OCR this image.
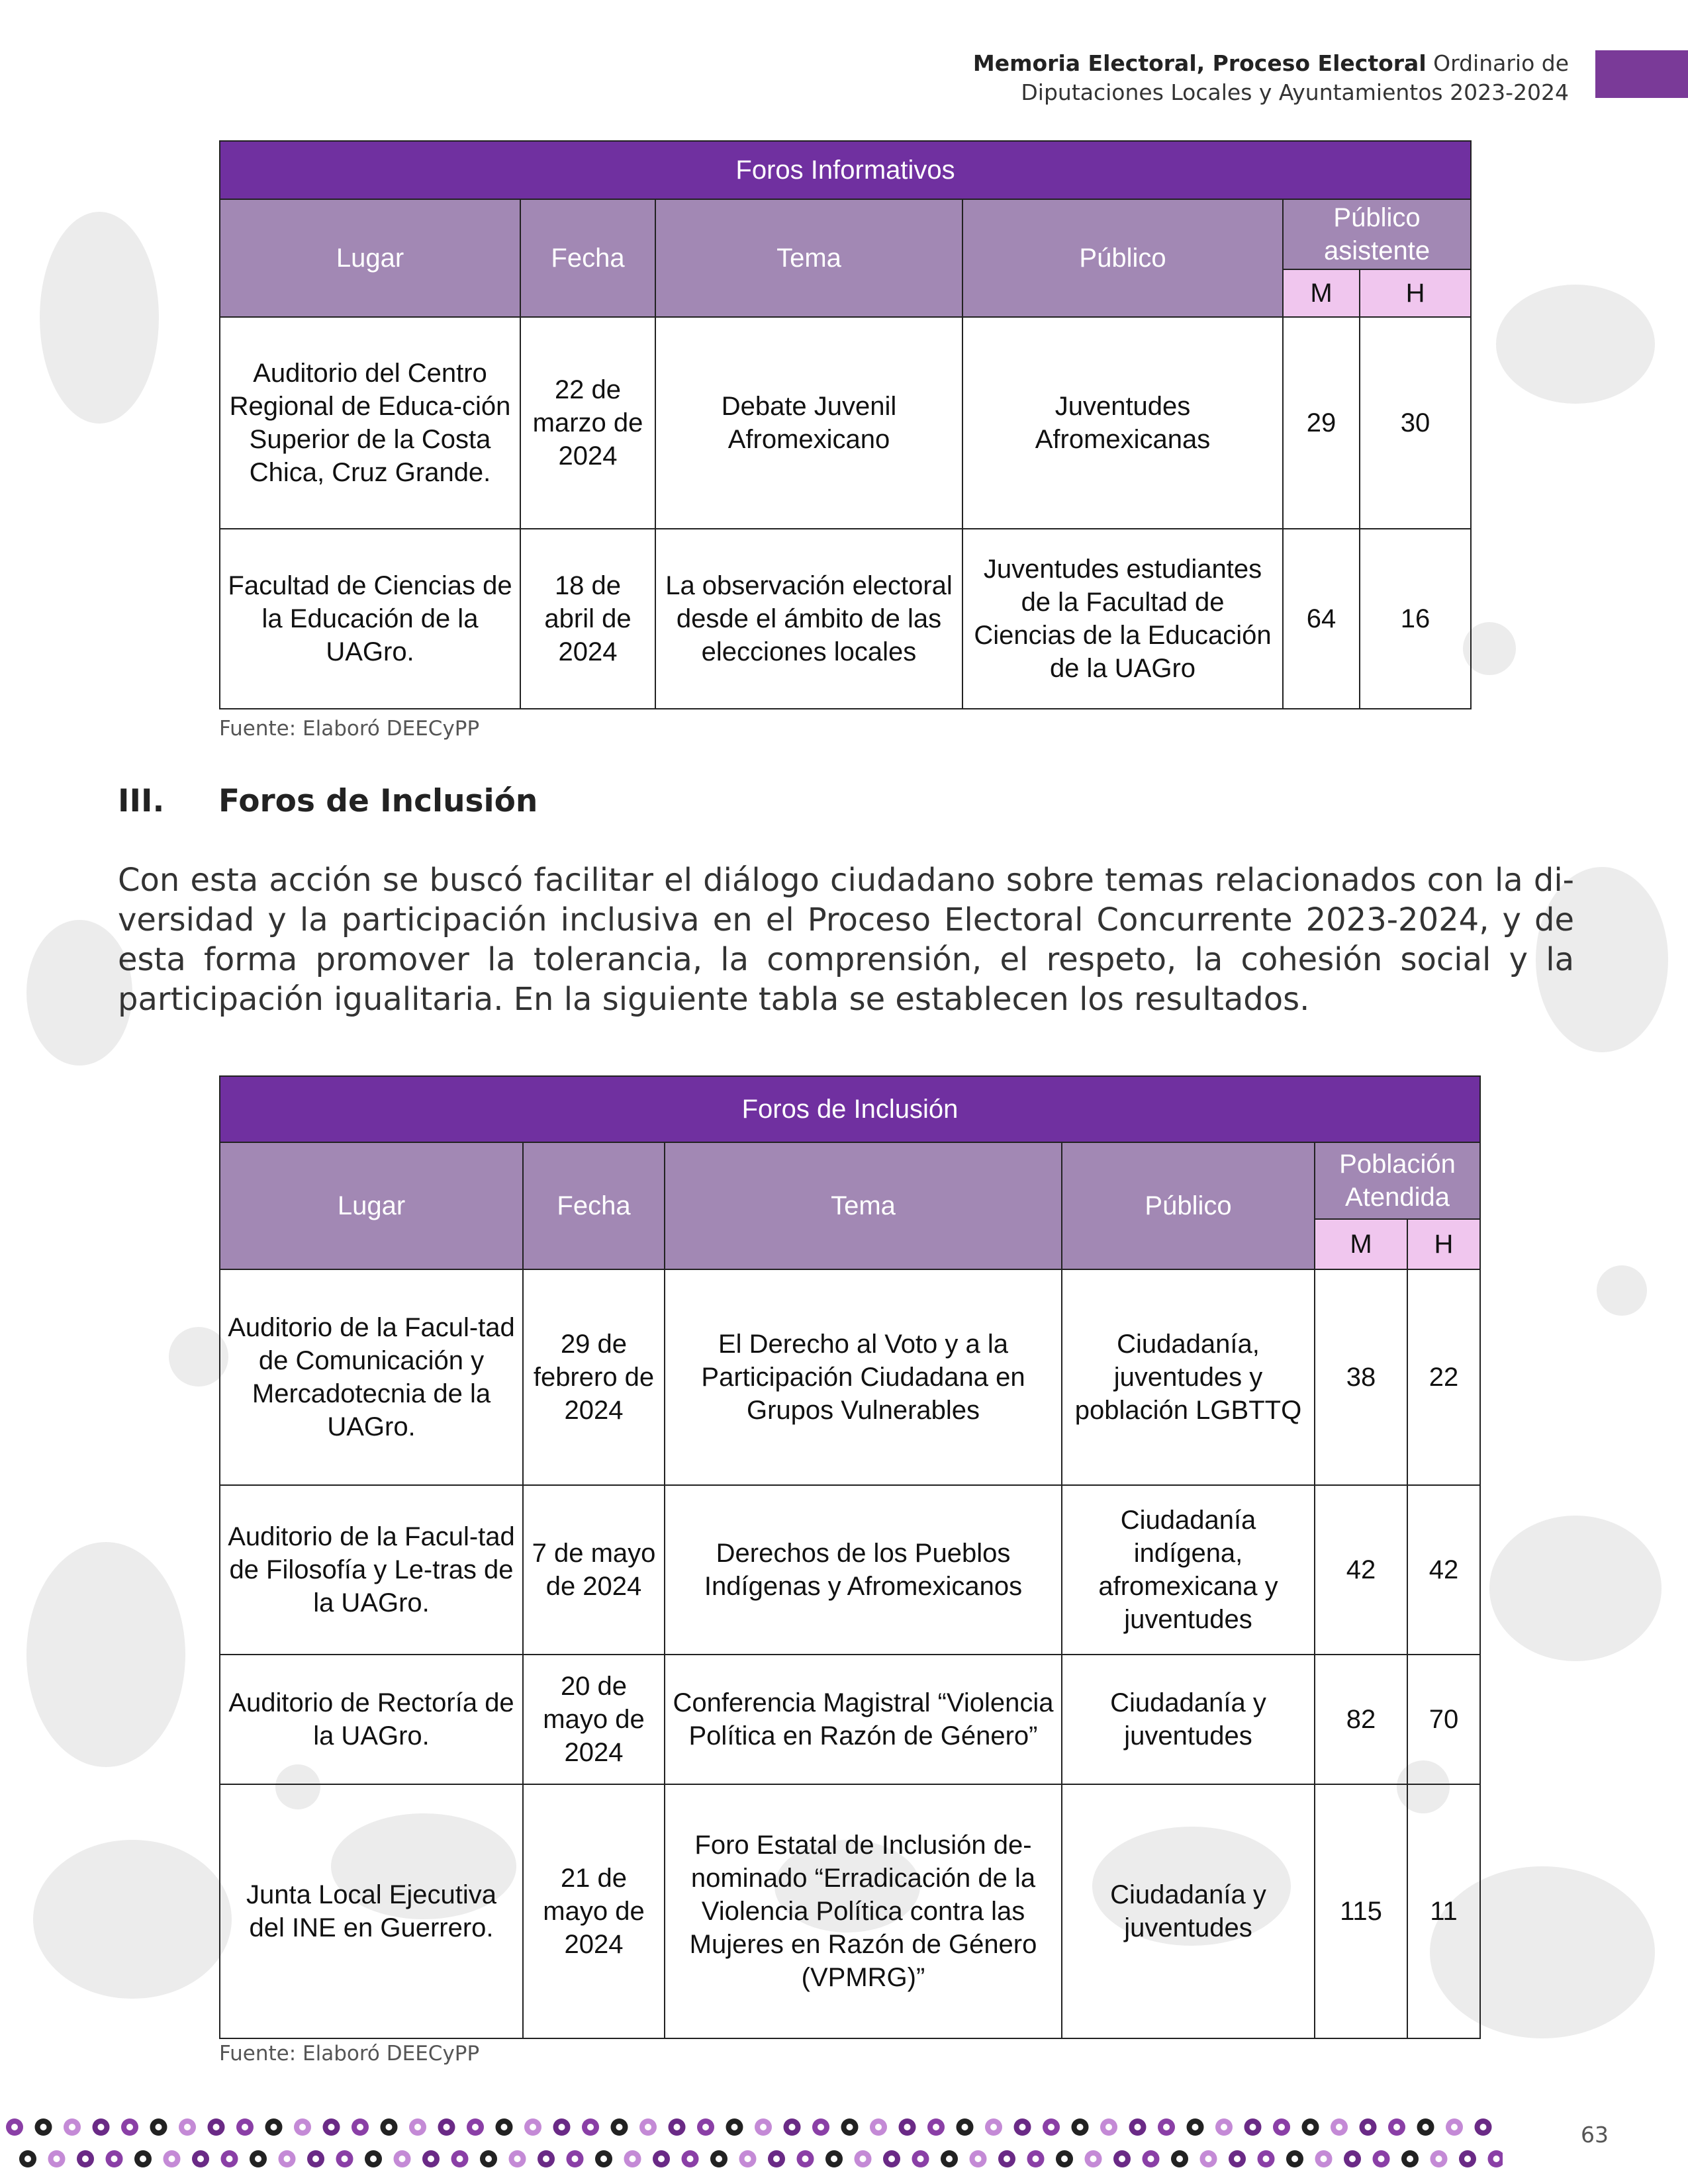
Memoria Electoral, Proceso Electoral Ordinario de
Diputaciones Locales y Ayuntamientos 2023-2024
Foros Informativos					
Lugar	Fecha	Tema	Público	Público asistente	
				M	H
Auditorio del Centro Regional de Educa-ción Superior de la Costa Chica, Cruz Grande.	22 de marzo de 2024	Debate Juvenil Afromexicano	Juventudes Afromexicanas	29	30
Facultad de Ciencias de la Educación de la UAGro.	18 de abril de 2024	La observación electoral desde el ámbito de las elecciones locales	Juventudes estudiantes de la Facultad de Ciencias de la Educación de la UAGro	64	16
Fuente: Elaboró DEECyPP
III. Foros de Inclusión
Con esta acción se buscó facilitar el diálogo ciudadano sobre temas relacionados con la di-versidad y la participación inclusiva en el Proceso Electoral Concurrente 2023-2024, y de esta forma promover la tolerancia, la comprensión, el respeto, la cohesión social y la participación igualitaria. En la siguiente tabla se establecen los resultados.
Foros de Inclusión					
Lugar	Fecha	Tema	Público	Población Atendida	
				M	H
Auditorio de la Facul-tad de Comunicación y Mercadotecnia de la UAGro.	29 de febrero de 2024	El Derecho al Voto y a la Participación Ciudadana en Grupos Vulnerables	Ciudadanía, juventudes y población LGBTTQ	38	22
Auditorio de la Facul-tad de Filosofía y Le-tras de la UAGro.	7 de mayo de 2024	Derechos de los Pueblos Indígenas y Afromexicanos	Ciudadanía indígena, afromexicana y juventudes	42	42
Auditorio de Rectoría de la UAGro.	20 de mayo de 2024	Conferencia Magistral “Violencia Política en Razón de Género”	Ciudadanía y juventudes	82	70
Junta Local Ejecutiva del INE en Guerrero.	21 de mayo de 2024	Foro Estatal de Inclusión de-nominado “Erradicación de la Violencia Política contra las Mujeres en Razón de Género (VPMRG)”	Ciudadanía y juventudes	115	11
Fuente: Elaboró DEECyPP
63
